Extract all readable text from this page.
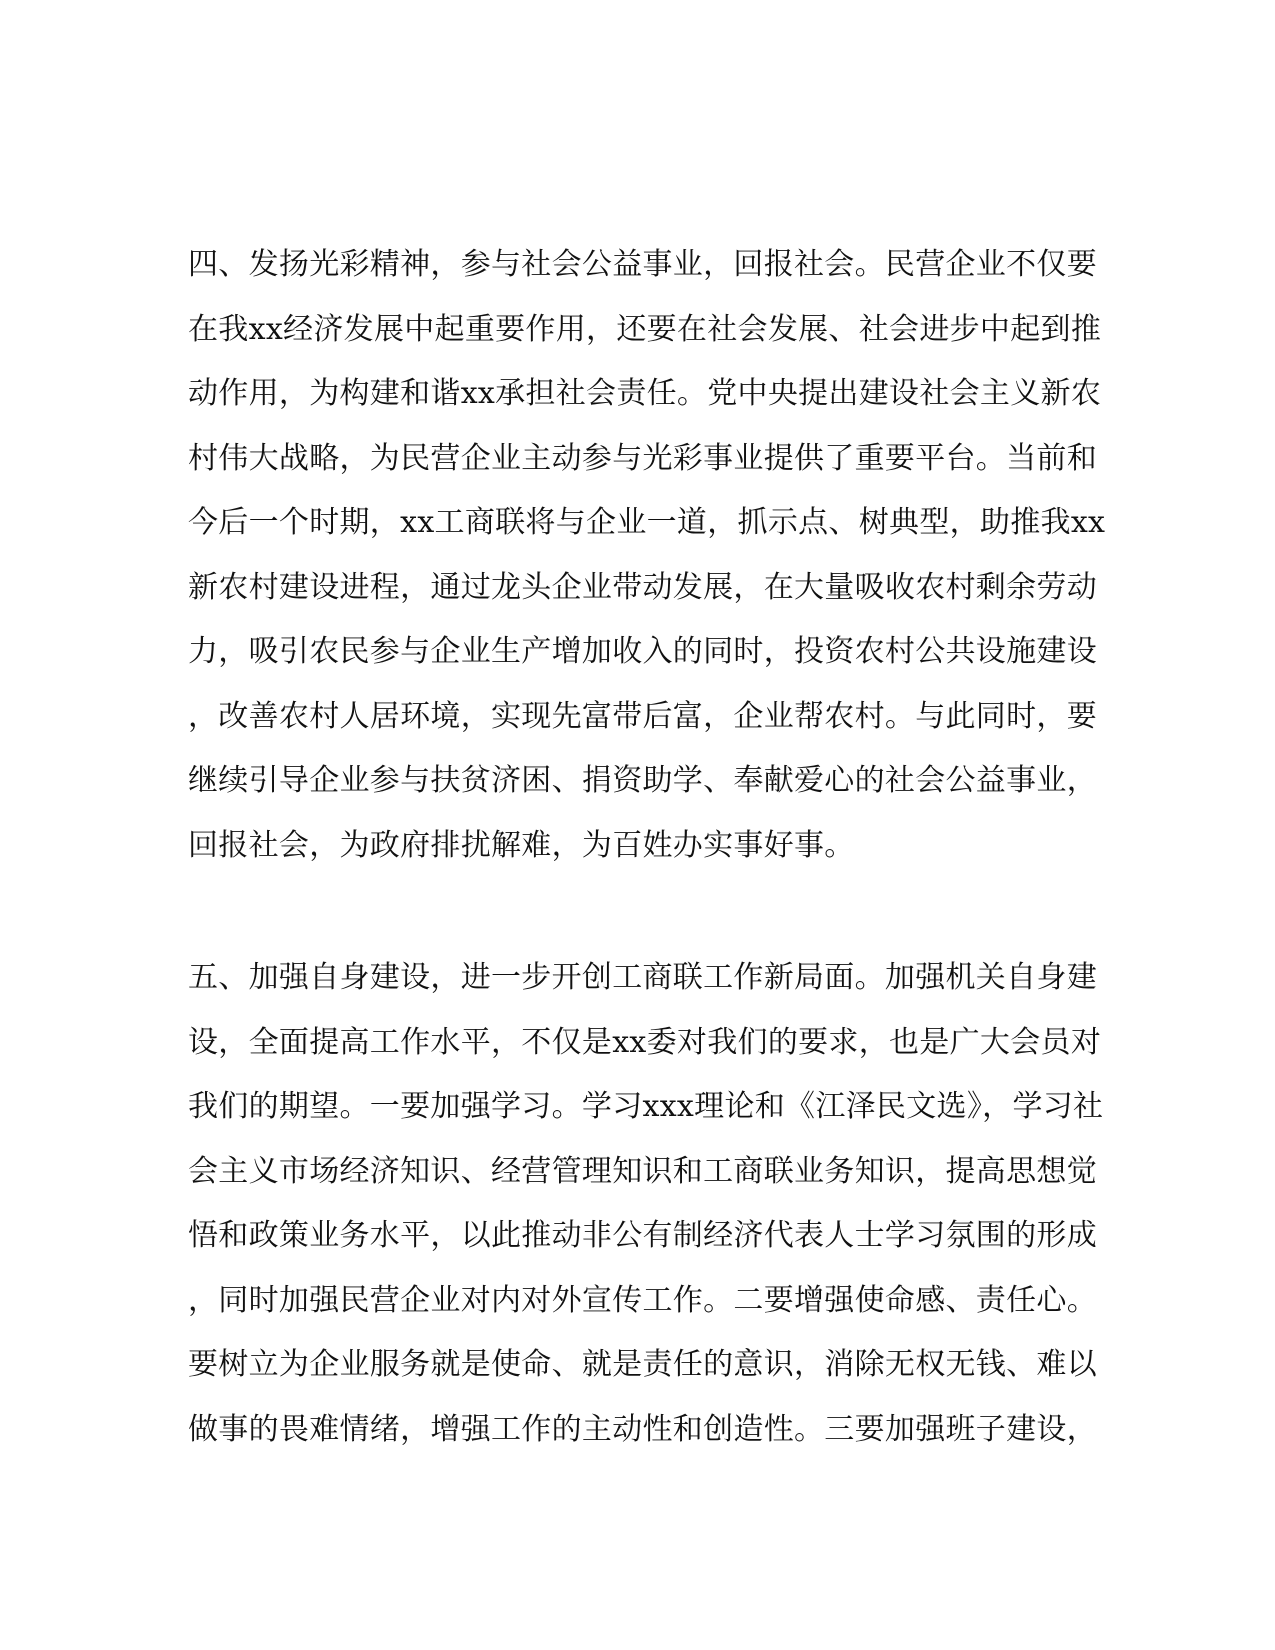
四、发扬光彩精神，参与社会公益事业，回报社会。民营企业不仅要
在我xx经济发展中起重要作用，还要在社会发展、社会进步中起到推
动作用，为构建和谐xx承担社会责任。党中央提出建设社会主义新农
村伟大战略，为民营企业主动参与光彩事业提供了重要平台。当前和
今后一个时期，xx工商联将与企业一道，抓示点、树典型，助推我xx
新农村建设进程，通过龙头企业带动发展，在大量吸收农村剩余劳动
力，吸引农民参与企业生产增加收入的同时，投资农村公共设施建设
，改善农村人居环境，实现先富带后富，企业帮农村。与此同时，要
继续引导企业参与扶贫济困、捐资助学、奉献爱心的社会公益事业，
回报社会，为政府排扰解难，为百姓办实事好事。
五、加强自身建设，进一步开创工商联工作新局面。加强机关自身建
设，全面提高工作水平，不仅是xx委对我们的要求，也是广大会员对
我们的期望。一要加强学习。学习xxx理论和《江泽民文选》，学习社
会主义市场经济知识、经营管理知识和工商联业务知识，提高思想觉
悟和政策业务水平，以此推动非公有制经济代表人士学习氛围的形成
，同时加强民营企业对内对外宣传工作。二要增强使命感、责任心。
要树立为企业服务就是使命、就是责任的意识，消除无权无钱、难以
做事的畏难情绪，增强工作的主动性和创造性。三要加强班子建设，
